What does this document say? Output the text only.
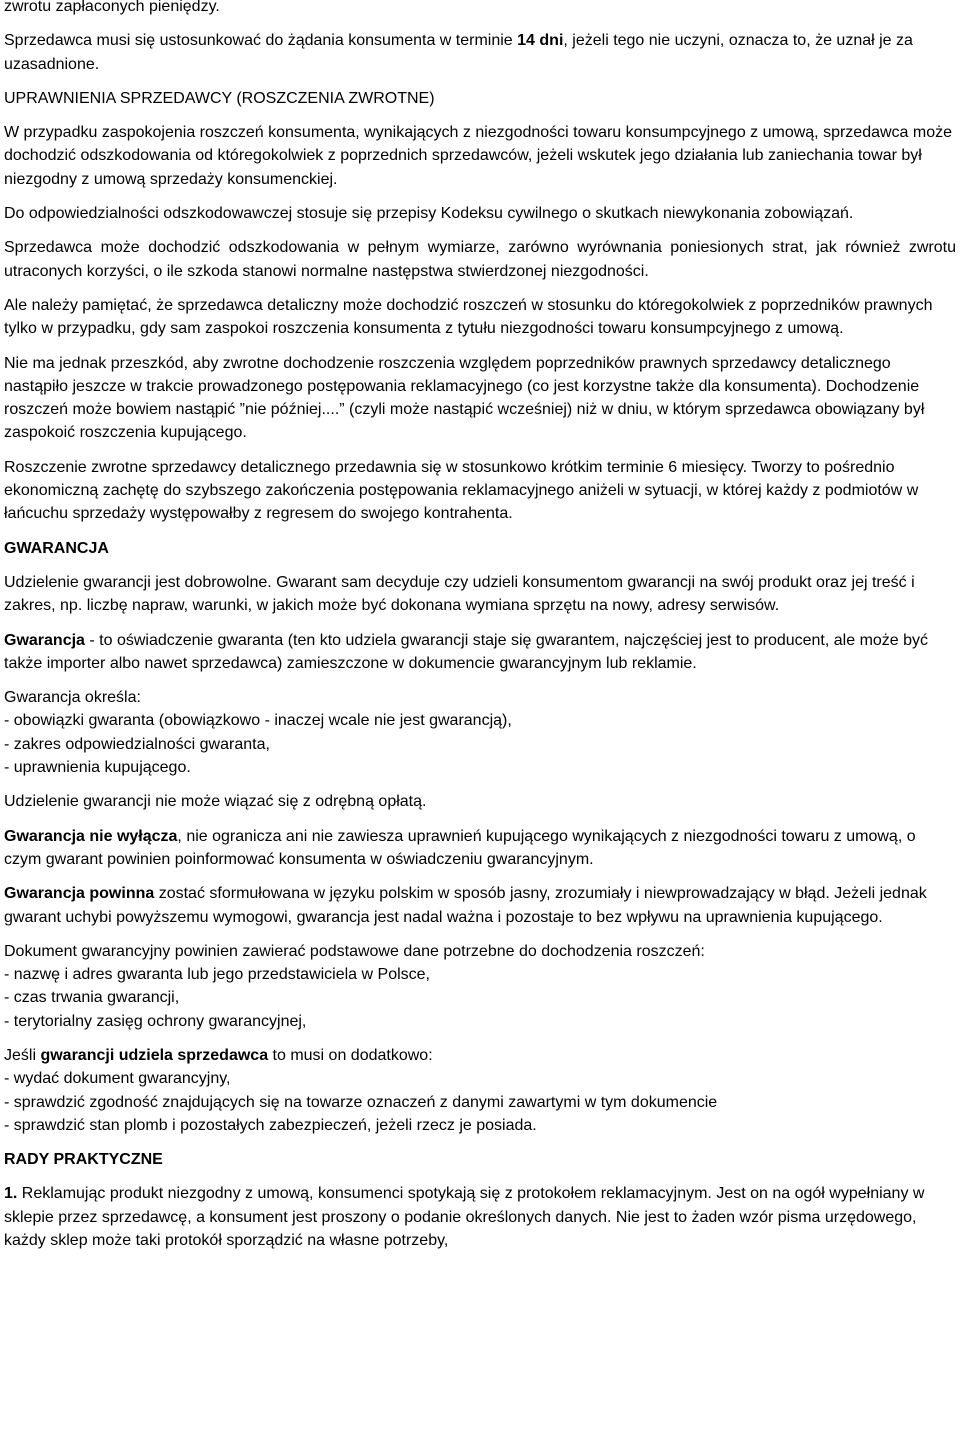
zwrotu zapłaconych pieniędzy.
Sprzedawca musi się ustosunkować do żądania konsumenta w terminie 14 dni, jeżeli tego nie uczyni, oznacza to, że uznał je za uzasadnione.
UPRAWNIENIA SPRZEDAWCY (ROSZCZENIA ZWROTNE)
W przypadku zaspokojenia roszczeń konsumenta, wynikających z niezgodności towaru konsumpcyjnego z umową, sprzedawca może dochodzić odszkodowania od któregokolwiek z poprzednich sprzedawców, jeżeli wskutek jego działania lub zaniechania towar był niezgodny z umową sprzedaży konsumenckiej.
Do odpowiedzialności odszkodowawczej stosuje się przepisy Kodeksu cywilnego o skutkach niewykonania zobowiązań.
Sprzedawca może dochodzić odszkodowania w pełnym wymiarze, zarówno wyrównania poniesionych strat, jak również zwrotu utraconych korzyści, o ile szkoda stanowi normalne następstwa stwierdzonej niezgodności.
Ale należy pamiętać, że sprzedawca detaliczny może dochodzić roszczeń w stosunku do któregokolwiek z poprzedników prawnych tylko w przypadku, gdy sam zaspokoi roszczenia konsumenta z tytułu niezgodności towaru konsumpcyjnego z umową.
Nie ma jednak przeszkód, aby zwrotne dochodzenie roszczenia względem poprzedników prawnych sprzedawcy detalicznego nastąpiło jeszcze w trakcie prowadzonego postępowania reklamacyjnego (co jest korzystne także dla konsumenta). Dochodzenie roszczeń może bowiem nastąpić ”nie później....” (czyli może nastąpić wcześniej) niż w dniu, w którym sprzedawca obowiązany był zaspokoić roszczenia kupującego.
Roszczenie zwrotne sprzedawcy detalicznego przedawnia się w stosunkowo krótkim terminie 6 miesięcy. Tworzy to pośrednio ekonomiczną zachętę do szybszego zakończenia postępowania reklamacyjnego aniżeli w sytuacji, w której każdy z podmiotów w łańcuchu sprzedaży występowałby z regresem do swojego kontrahenta.
GWARANCJA
Udzielenie gwarancji jest dobrowolne. Gwarant sam decyduje czy udzieli konsumentom gwarancji na swój produkt oraz jej treść i zakres, np. liczbę napraw, warunki, w jakich może być dokonana wymiana sprzętu na nowy, adresy serwisów.
Gwarancja - to oświadczenie gwaranta (ten kto udziela gwarancji staje się gwarantem, najczęściej jest to producent, ale może być także importer albo nawet sprzedawca) zamieszczone w dokumencie gwarancyjnym lub reklamie.
Gwarancja określa:
- obowiązki gwaranta (obowiązkowo - inaczej wcale nie jest gwarancją),
- zakres odpowiedzialności gwaranta,
- uprawnienia kupującego.
Udzielenie gwarancji nie może wiązać się z odrębną opłatą.
Gwarancja nie wyłącza, nie ogranicza ani nie zawiesza uprawnień kupującego wynikających z niezgodności towaru z umową, o czym gwarant powinien poinformować konsumenta w oświadczeniu gwarancyjnym.
Gwarancja powinna zostać sformułowana w języku polskim w sposób jasny, zrozumiały i niewprowadzający w błąd. Jeżeli jednak gwarant uchybi powyższemu wymogowi, gwarancja jest nadal ważna i pozostaje to bez wpływu na uprawnienia kupującego.
Dokument gwarancyjny powinien zawierać podstawowe dane potrzebne do dochodzenia roszczeń:
- nazwę i adres gwaranta lub jego przedstawiciela w Polsce,
- czas trwania gwarancji,
- terytorialny zasięg ochrony gwarancyjnej,
Jeśli gwarancji udziela sprzedawca to musi on dodatkowo:
- wydać dokument gwarancyjny,
- sprawdzić zgodność znajdujących się na towarze oznaczeń z danymi zawartymi w tym dokumencie
- sprawdzić stan plomb i pozostałych zabezpieczeń, jeżeli rzecz je posiada.
RADY PRAKTYCZNE
1. Reklamując produkt niezgodny z umową, konsumenci spotykają się z protokołem reklamacyjnym. Jest on na ogół wypełniany w sklepie przez sprzedawcę, a konsument jest proszony o podanie określonych danych. Nie jest to żaden wzór pisma urzędowego, każdy sklep może taki protokół sporządzić na własne potrzeby,
